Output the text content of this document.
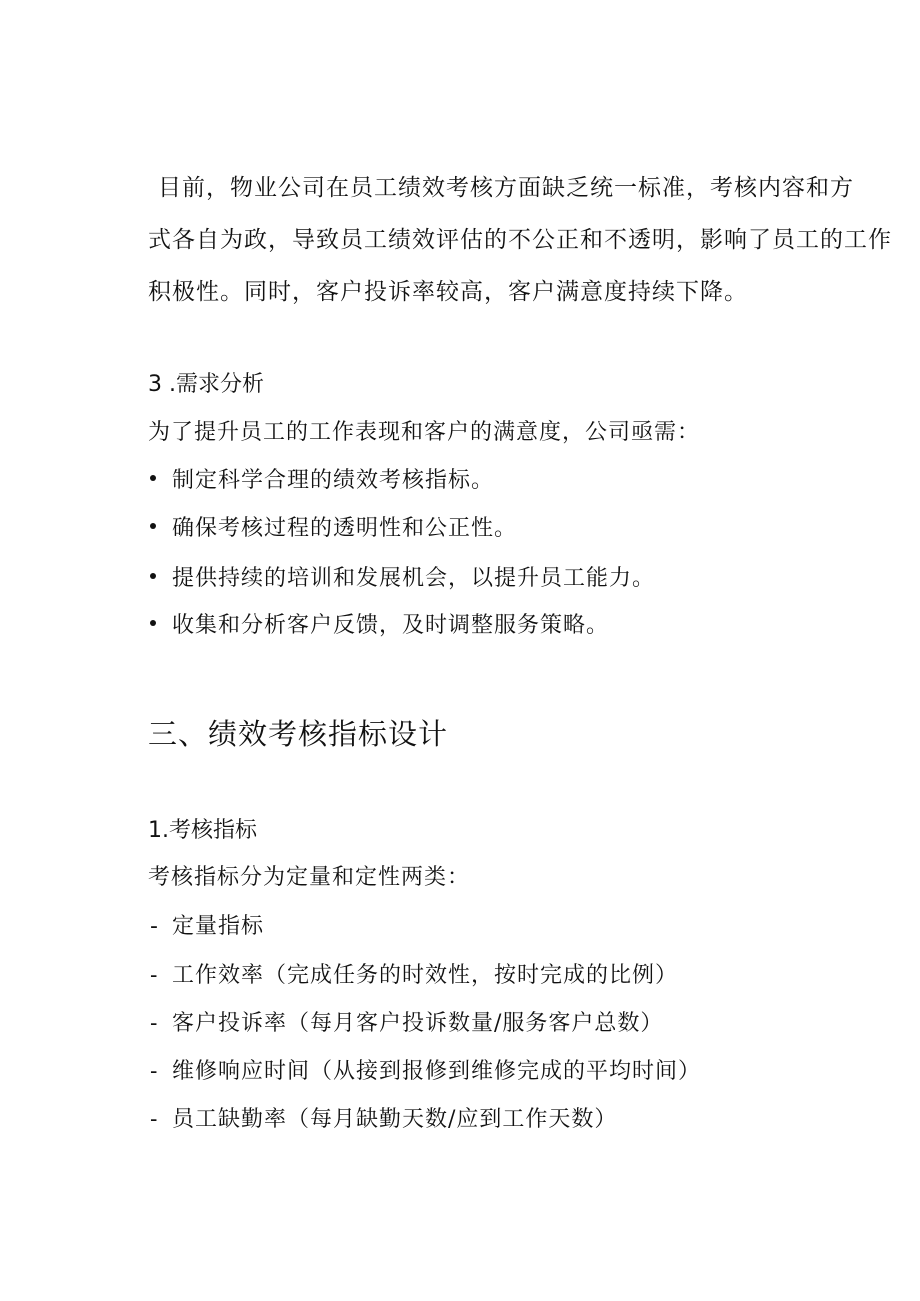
目前，物业公司在员工绩效考核方面缺乏统一标准，考核内容和方
式各自为政，导致员工绩效评估的不公正和不透明，影响了员工的工作
积极性。同时，客户投诉率较高，客户满意度持续下降。
3 .需求分析
为了提升员工的工作表现和客户的满意度，公司亟需：
制定科学合理的绩效考核指标。
确保考核过程的透明性和公正性。
提供持续的培训和发展机会，以提升员工能力。
收集和分析客户反馈，及时调整服务策略。
三、绩效考核指标设计
1.考核指标
考核指标分为定量和定性两类：
- 定量指标
- 工作效率（完成任务的时效性，按时完成的比例）
- 客户投诉率（每月客户投诉数量/服务客户总数）
- 维修响应时间（从接到报修到维修完成的平均时间）
- 员工缺勤率（每月缺勤天数/应到工作天数）
